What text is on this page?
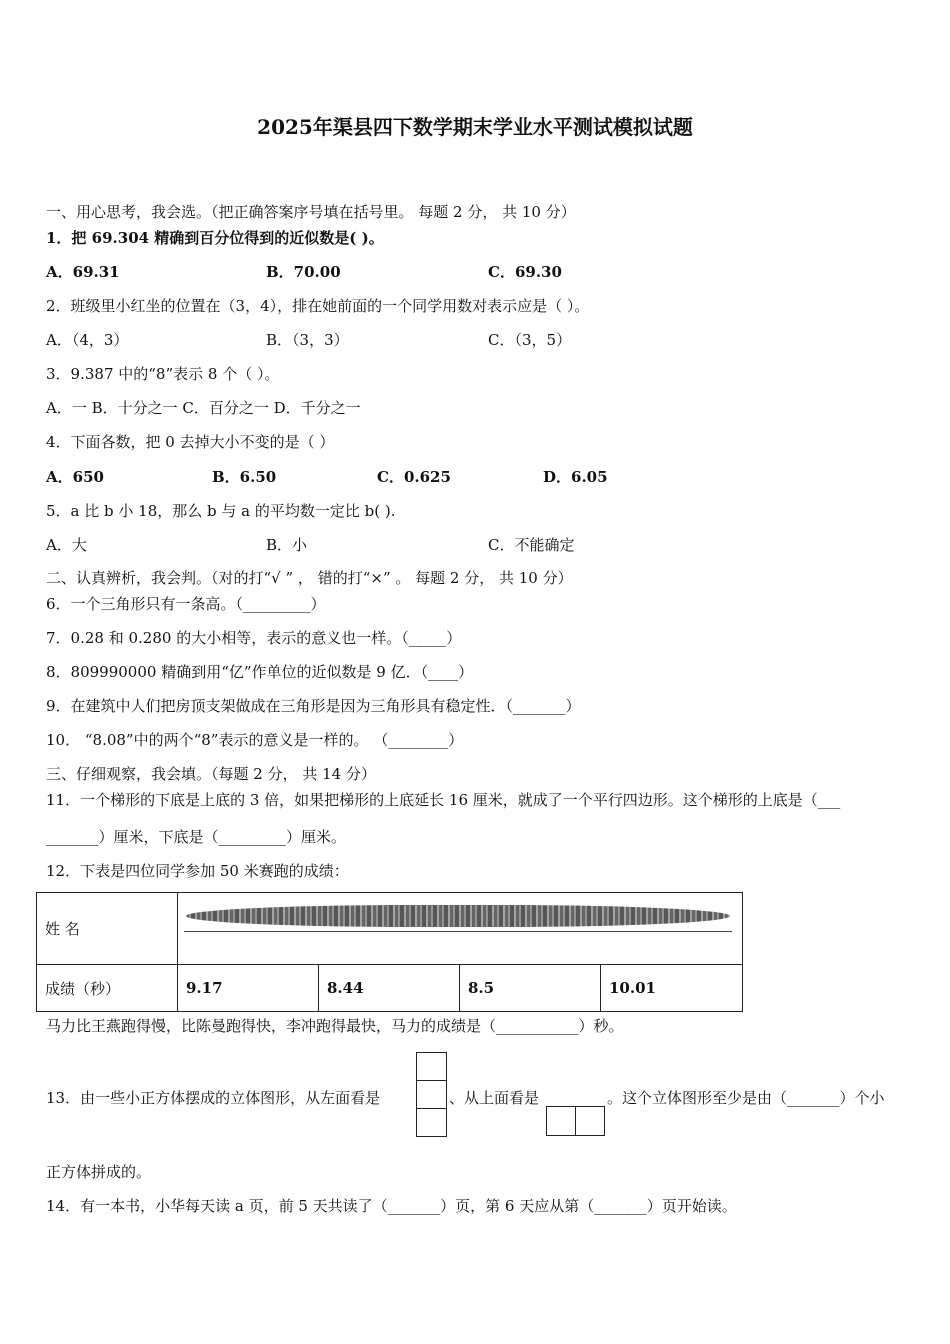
2025年渠县四下数学期末学业水平测试模拟试题
一、用心思考，我会选。（把正确答案序号填在括号里。 每题 2 分， 共 10 分）
1．把 69.304 精确到百分位得到的近似数是( )。
A．69.31	B．70.00	C．69.30
2．班级里小红坐的位置在（3，4），排在她前面的一个同学用数对表示应是（ ）。
A．（4，3）	B．（3，3）	C．（3，5）
3．9.387 中的“8”表示 8 个（ ）。
A．一 B．十分之一 C．百分之一 D．千分之一
4．下面各数，把 0 去掉大小不变的是（ ）
A．650	B．6.50	C．0.625	D．6.05
5．a 比 b 小 18，那么 b 与 a 的平均数一定比 b( ).
A．大	B．小	C．不能确定
二、认真辨析，我会判。（对的打“√ ” ， 错的打“×” 。 每题 2 分， 共 10 分）
6．一个三角形只有一条高。（_________）
7．0.28 和 0.280 的大小相等，表示的意义也一样。（_____）
8．809990000 精确到用“亿”作单位的近似数是 9 亿．（____）
9．在建筑中人们把房顶支架做成在三角形是因为三角形具有稳定性．（_______）
10． “8.08”中的两个“8”表示的意义是一样的。 （________）
三、仔细观察，我会填。（每题 2 分， 共 14 分）
11．一个梯形的下底是上底的 3 倍，如果把梯形的上底延长 16 厘米，就成了一个平行四边形。这个梯形的上底是（___
_______）厘米，下底是（_________）厘米。
12．下表是四位同学参加 50 米赛跑的成绩：
姓 名				

成绩（秒）	9.17	8.44	8.5	10.01
马力比王燕跑得慢，比陈曼跑得快，李冲跑得最快，马力的成绩是（___________）秒。
13．由一些小正方体摆成的立体图形，从左面看是	、从上面看是	。这个立体图形至少是由（_______）个小
正方体拼成的。
14．有一本书，小华每天读 a 页，前 5 天共读了（_______）页，第 6 天应从第（_______）页开始读。
